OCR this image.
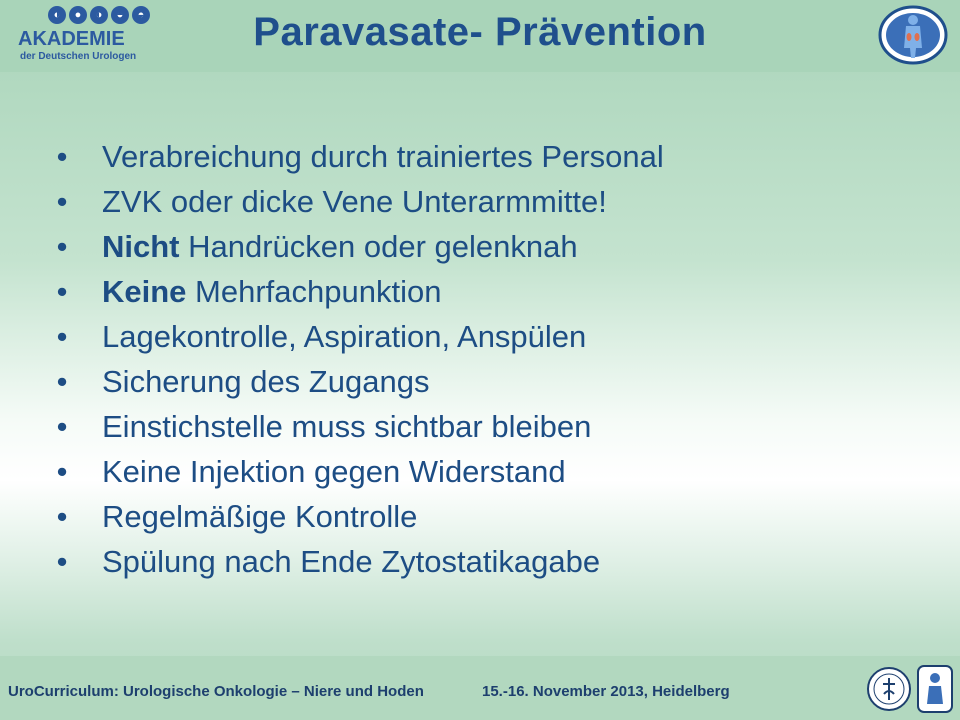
◐	●	◑	◒	◓
AKADEMIE
der Deutschen Urologen
Paravasate- Prävention
• Verabreichung durch trainiertes Personal
• ZVK oder dicke Vene Unterarmmitte!
• Nicht Handrücken oder gelenknah
• Keine Mehrfachpunktion
• Lagekontrolle, Aspiration, Anspülen
• Sicherung des Zugangs
• Einstichstelle muss sichtbar bleiben
• Keine Injektion gegen Widerstand
• Regelmäßige Kontrolle
• Spülung nach Ende Zytostatikagabe
UroCurriculum: Urologische Onkologie – Niere und Hoden	15.-16. November 2013, Heidelberg
